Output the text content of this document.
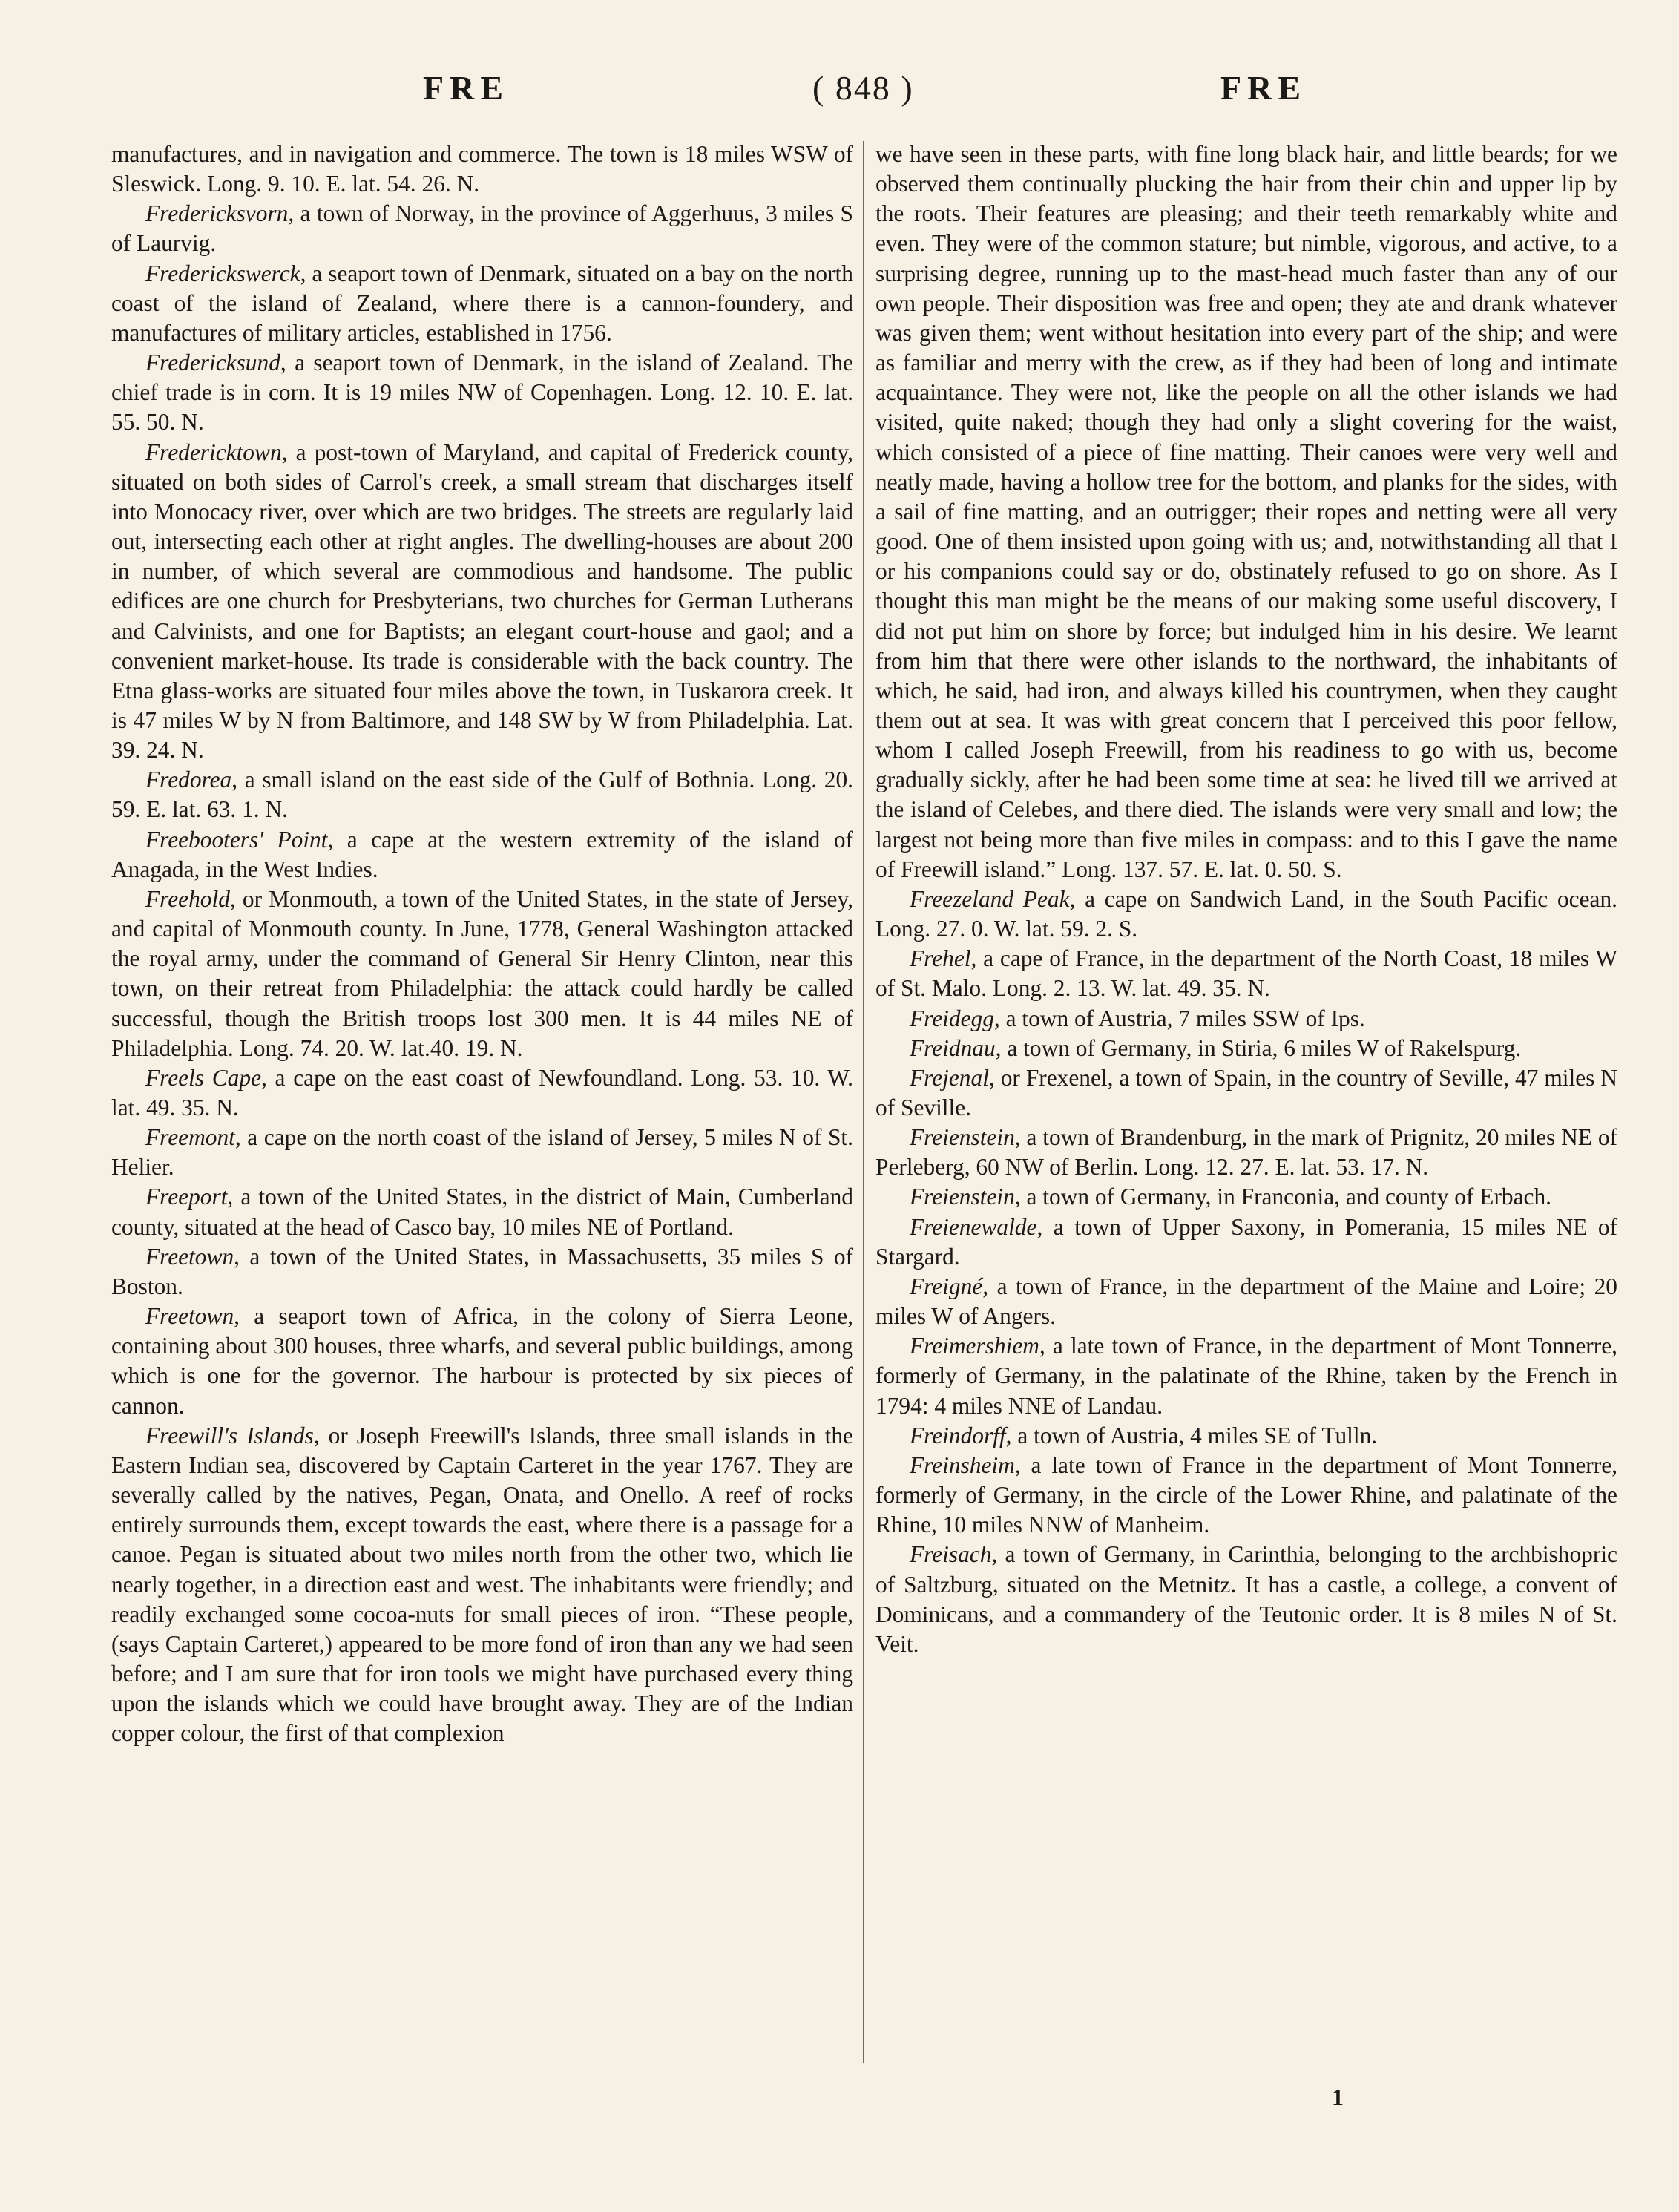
FRE	( 848 )	FRE

manufactures, and in navigation and commerce. The town is 18 miles WSW of Sleswick. Long. 9. 10. E. lat. 54. 26. N.

Fredericksvorn, a town of Norway, in the province of Aggerhuus, 3 miles S of Laurvig.

Frederickswerck, a seaport town of Denmark, situated on a bay on the north coast of the island of Zealand, where there is a cannon-foundery, and manufactures of military articles, established in 1756.

Fredericksund, a seaport town of Denmark, in the island of Zealand. The chief trade is in corn. It is 19 miles NW of Copenhagen. Long. 12. 10. E. lat. 55. 50. N.

Fredericktown, a post-town of Maryland, and capital of Frederick county, situated on both sides of Carrol's creek, a small stream that discharges itself into Monocacy river, over which are two bridges. The streets are regularly laid out, intersecting each other at right angles. The dwelling-houses are about 200 in number, of which several are commodious and handsome. The public edifices are one church for Presbyterians, two churches for German Lutherans and Calvinists, and one for Baptists; an elegant court-house and gaol; and a convenient market-house. Its trade is considerable with the back country. The Etna glass-works are situated four miles above the town, in Tuskarora creek. It is 47 miles W by N from Baltimore, and 148 SW by W from Philadelphia. Lat. 39. 24. N.

Fredorea, a small island on the east side of the Gulf of Bothnia. Long. 20. 59. E. lat. 63. 1. N.

Freebooters' Point, a cape at the western extremity of the island of Anagada, in the West Indies.

Freehold, or Monmouth, a town of the United States, in the state of Jersey, and capital of Monmouth county. In June, 1778, General Washington attacked the royal army, under the command of General Sir Henry Clinton, near this town, on their retreat from Philadelphia: the attack could hardly be called successful, though the British troops lost 300 men. It is 44 miles NE of Philadelphia. Long. 74. 20. W. lat.40. 19. N.

Freels Cape, a cape on the east coast of Newfoundland. Long. 53. 10. W. lat. 49. 35. N.

Freemont, a cape on the north coast of the island of Jersey, 5 miles N of St. Helier.

Freeport, a town of the United States, in the district of Main, Cumberland county, situated at the head of Casco bay, 10 miles NE of Portland.

Freetown, a town of the United States, in Massachusetts, 35 miles S of Boston.

Freetown, a seaport town of Africa, in the colony of Sierra Leone, containing about 300 houses, three wharfs, and several public buildings, among which is one for the governor. The harbour is protected by six pieces of cannon.

Freewill's Islands, or Joseph Freewill's Islands, three small islands in the Eastern Indian sea, discovered by Captain Carteret in the year 1767. They are severally called by the natives, Pegan, Onata, and Onello. A reef of rocks entirely surrounds them, except towards the east, where there is a passage for a canoe. Pegan is situated about two miles north from the other two, which lie nearly together, in a direction east and west. The inhabitants were friendly; and readily exchanged some cocoa-nuts for small pieces of iron. “These people, (says Captain Carteret,) appeared to be more fond of iron than any we had seen before; and I am sure that for iron tools we might have purchased every thing upon the islands which we could have brought away. They are of the Indian copper colour, the first of that complexion

we have seen in these parts, with fine long black hair, and little beards; for we observed them continually plucking the hair from their chin and upper lip by the roots. Their features are pleasing; and their teeth remarkably white and even. They were of the common stature; but nimble, vigorous, and active, to a surprising degree, running up to the mast-head much faster than any of our own people. Their disposition was free and open; they ate and drank whatever was given them; went without hesitation into every part of the ship; and were as familiar and merry with the crew, as if they had been of long and intimate acquaintance. They were not, like the people on all the other islands we had visited, quite naked; though they had only a slight covering for the waist, which consisted of a piece of fine matting. Their canoes were very well and neatly made, having a hollow tree for the bottom, and planks for the sides, with a sail of fine matting, and an outrigger; their ropes and netting were all very good. One of them insisted upon going with us; and, notwithstanding all that I or his companions could say or do, obstinately refused to go on shore. As I thought this man might be the means of our making some useful discovery, I did not put him on shore by force; but indulged him in his desire. We learnt from him that there were other islands to the northward, the inhabitants of which, he said, had iron, and always killed his countrymen, when they caught them out at sea. It was with great concern that I perceived this poor fellow, whom I called Joseph Freewill, from his readiness to go with us, become gradually sickly, after he had been some time at sea: he lived till we arrived at the island of Celebes, and there died. The islands were very small and low; the largest not being more than five miles in compass: and to this I gave the name of Freewill island.” Long. 137. 57. E. lat. 0. 50. S.

Freezeland Peak, a cape on Sandwich Land, in the South Pacific ocean. Long. 27. 0. W. lat. 59. 2. S.

Frehel, a cape of France, in the department of the North Coast, 18 miles W of St. Malo. Long. 2. 13. W. lat. 49. 35. N.

Freidegg, a town of Austria, 7 miles SSW of Ips.

Freidnau, a town of Germany, in Stiria, 6 miles W of Rakelspurg.

Frejenal, or Frexenel, a town of Spain, in the country of Seville, 47 miles N of Seville.

Freienstein, a town of Brandenburg, in the mark of Prignitz, 20 miles NE of Perleberg, 60 NW of Berlin. Long. 12. 27. E. lat. 53. 17. N.

Freienstein, a town of Germany, in Franconia, and county of Erbach.

Freienewalde, a town of Upper Saxony, in Pomerania, 15 miles NE of Stargard.

Freigné, a town of France, in the department of the Maine and Loire; 20 miles W of Angers.

Freimershiem, a late town of France, in the department of Mont Tonnerre, formerly of Germany, in the palatinate of the Rhine, taken by the French in 1794: 4 miles NNE of Landau.

Freindorff, a town of Austria, 4 miles SE of Tulln.

Freinsheim, a late town of France in the department of Mont Tonnerre, formerly of Germany, in the circle of the Lower Rhine, and palatinate of the Rhine, 10 miles NNW of Manheim.

Freisach, a town of Germany, in Carinthia, belonging to the archbishopric of Saltzburg, situated on the Metnitz. It has a castle, a college, a convent of Dominicans, and a commandery of the Teutonic order. It is 8 miles N of St. Veit.

1
